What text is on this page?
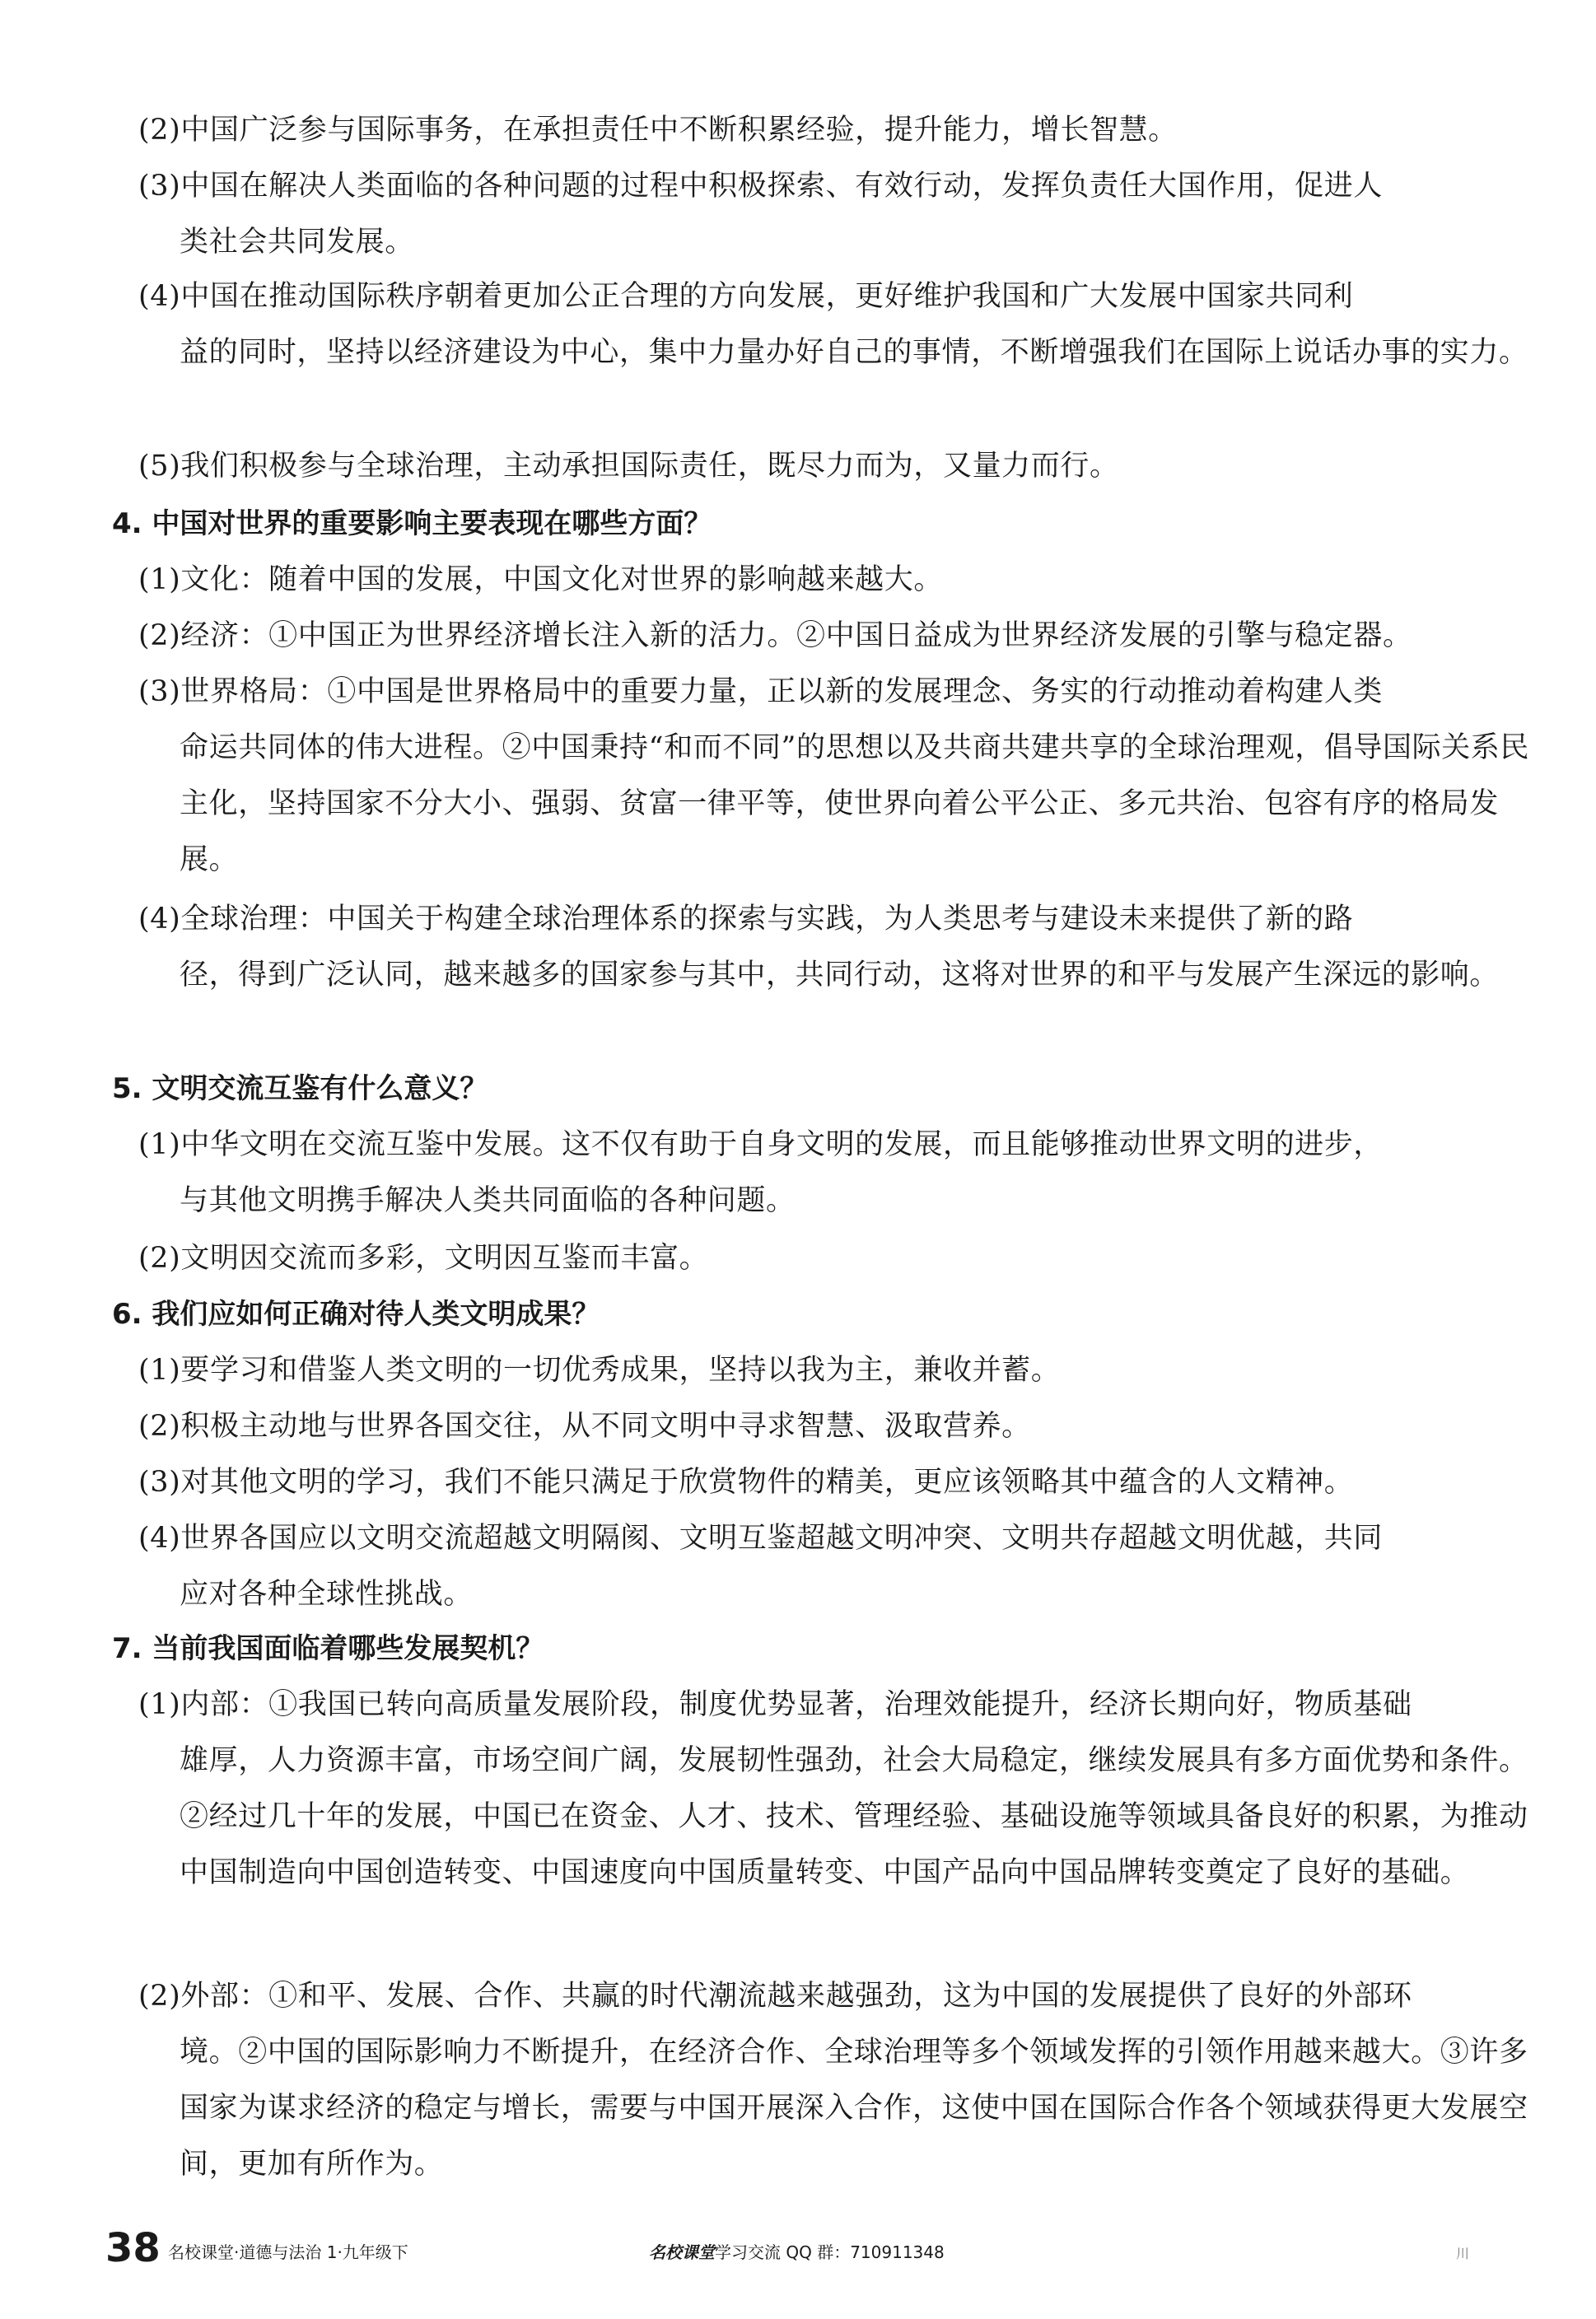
(2)中国广泛参与国际事务，在承担责任中不断积累经验，提升能力，增长智慧。
(3)中国在解决人类面临的各种问题的过程中积极探索、有效行动，发挥负责任大国作用，促进人
类社会共同发展。
(4)中国在推动国际秩序朝着更加公正合理的方向发展，更好维护我国和广大发展中国家共同利
益的同时，坚持以经济建设为中心，集中力量办好自己的事情，不断增强我们在国际上说话办事的实力。
(5)我们积极参与全球治理，主动承担国际责任，既尽力而为，又量力而行。
4. 中国对世界的重要影响主要表现在哪些方面？
(1)文化：随着中国的发展，中国文化对世界的影响越来越大。
(2)经济：①中国正为世界经济增长注入新的活力。②中国日益成为世界经济发展的引擎与稳定器。
(3)世界格局：①中国是世界格局中的重要力量，正以新的发展理念、务实的行动推动着构建人类
命运共同体的伟大进程。②中国秉持“和而不同”的思想以及共商共建共享的全球治理观，倡导国际关系民主化，坚持国家不分大小、强弱、贫富一律平等，使世界向着公平公正、多元共治、包容有序的格局发展。
(4)全球治理：中国关于构建全球治理体系的探索与实践，为人类思考与建设未来提供了新的路
径，得到广泛认同，越来越多的国家参与其中，共同行动，这将对世界的和平与发展产生深远的影响。
5. 文明交流互鉴有什么意义？
(1)中华文明在交流互鉴中发展。这不仅有助于自身文明的发展，而且能够推动世界文明的进步，
与其他文明携手解决人类共同面临的各种问题。
(2)文明因交流而多彩，文明因互鉴而丰富。
6. 我们应如何正确对待人类文明成果？
(1)要学习和借鉴人类文明的一切优秀成果，坚持以我为主，兼收并蓄。
(2)积极主动地与世界各国交往，从不同文明中寻求智慧、汲取营养。
(3)对其他文明的学习，我们不能只满足于欣赏物件的精美，更应该领略其中蕴含的人文精神。
(4)世界各国应以文明交流超越文明隔阂、文明互鉴超越文明冲突、文明共存超越文明优越，共同
应对各种全球性挑战。
7. 当前我国面临着哪些发展契机？
(1)内部：①我国已转向高质量发展阶段，制度优势显著，治理效能提升，经济长期向好，物质基础
雄厚，人力资源丰富，市场空间广阔，发展韧性强劲，社会大局稳定，继续发展具有多方面优势和条件。②经过几十年的发展，中国已在资金、人才、技术、管理经验、基础设施等领域具备良好的积累，为推动中国制造向中国创造转变、中国速度向中国质量转变、中国产品向中国品牌转变奠定了良好的基础。
(2)外部：①和平、发展、合作、共赢的时代潮流越来越强劲，这为中国的发展提供了良好的外部环
境。②中国的国际影响力不断提升，在经济合作、全球治理等多个领域发挥的引领作用越来越大。③许多国家为谋求经济的稳定与增长，需要与中国开展深入合作，这使中国在国际合作各个领域获得更大发展空间，更加有所作为。
38 名校课堂·道德与法治 1·九年级下	名校课堂学习交流 QQ 群：710911348	川
